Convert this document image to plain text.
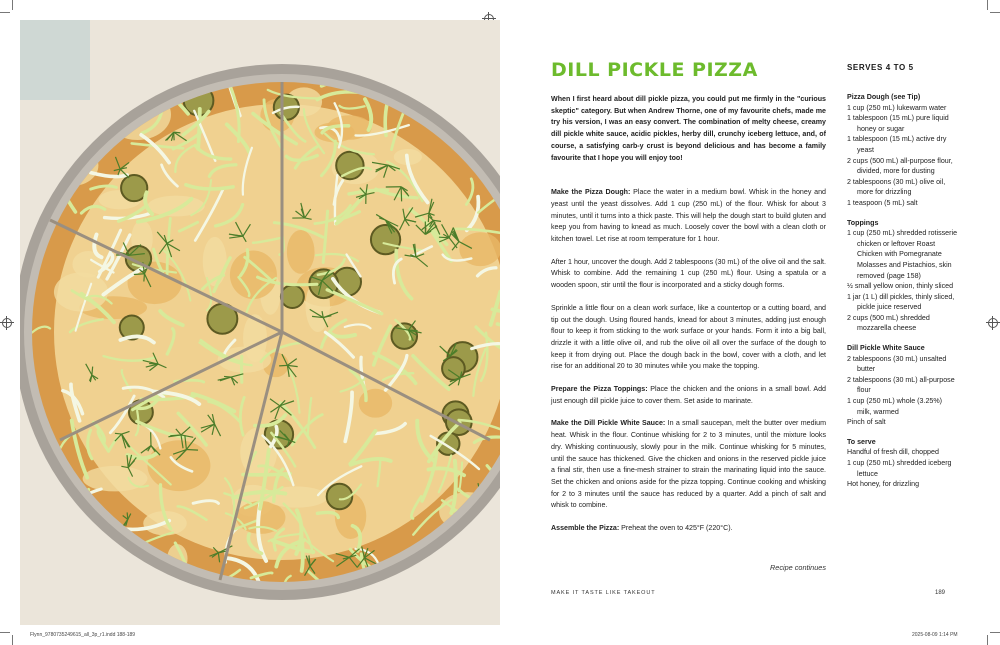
DILL PICKLE PIZZA

When I first heard about dill pickle pizza, you could put me firmly in the "curious skeptic" category. But when Andrew Thorne, one of my favourite chefs, made me try his version, I was an easy convert. The combination of melty cheese, creamy dill pickle white sauce, acidic pickles, herby dill, crunchy iceberg lettuce, and, of course, a satisfying carb-y crust is beyond delicious and has become a family favourite that I hope you will enjoy too!

Make the Pizza Dough: Place the water in a medium bowl. Whisk in the honey and yeast until the yeast dissolves. Add 1 cup (250 mL) of the flour. Whisk for about 3 minutes, until it turns into a thick paste. This will help the dough start to build gluten and keep you from having to knead as much. Loosely cover the bowl with a clean cloth or kitchen towel. Let rise at room temperature for 1 hour.

After 1 hour, uncover the dough. Add 2 tablespoons (30 mL) of the olive oil and the salt. Whisk to combine. Add the remaining 1 cup (250 mL) flour. Using a spatula or a wooden spoon, stir until the flour is incorporated and a sticky dough forms.

Sprinkle a little flour on a clean work surface, like a countertop or a cutting board, and tip out the dough. Using floured hands, knead for about 3 minutes, adding just enough flour to keep it from sticking to the work surface or your hands. Form it into a big ball, drizzle it with a little olive oil, and rub the olive oil all over the surface of the dough to keep it from drying out. Place the dough back in the bowl, cover with a cloth, and let rise for an additional 20 to 30 minutes while you make the topping.

Prepare the Pizza Toppings: Place the chicken and the onions in a small bowl. Add just enough dill pickle juice to cover them. Set aside to marinate.

Make the Dill Pickle White Sauce: In a small saucepan, melt the butter over medium heat. Whisk in the flour. Continue whisking for 2 to 3 minutes, until the mixture looks dry. Whisking continuously, slowly pour in the milk. Continue whisking for 5 minutes, until the sauce has thickened. Give the chicken and onions in the reserved pickle juice a final stir, then use a fine-mesh strainer to strain the marinating liquid into the sauce. Set the chicken and onions aside for the pizza topping. Continue cooking and whisking for 2 to 3 minutes until the sauce has reduced by a quarter. Add a pinch of salt and whisk to combine.

Assemble the Pizza: Preheat the oven to 425°F (220°C).

SERVES 4 TO 5
Pizza Dough (see Tip)
1 cup (250 mL) lukewarm water
1 tablespoon (15 mL) pure liquid honey or sugar
1 tablespoon (15 mL) active dry yeast
2 cups (500 mL) all-purpose flour, divided, more for dusting
2 tablespoons (30 mL) olive oil, more for drizzling
1 teaspoon (5 mL) salt
Toppings
1 cup (250 mL) shredded rotisserie chicken or leftover Roast Chicken with Pomegranate Molasses and Pistachios, skin removed (page 158)
½ small yellow onion, thinly sliced
1 jar (1 L) dill pickles, thinly sliced, pickle juice reserved
2 cups (500 mL) shredded mozzarella cheese
Dill Pickle White Sauce
2 tablespoons (30 mL) unsalted butter
2 tablespoons (30 mL) all-purpose flour
1 cup (250 mL) whole (3.25%) milk, warmed
Pinch of salt
To serve
Handful of fresh dill, chopped
1 cup (250 mL) shredded iceberg lettuce
Hot honey, for drizzling
Recipe continues
MAKE IT TASTE LIKE TAKEOUT	189
Flynn_9780735249615_all_3p_r1.indd 188-189	2025-08-09 1:14 PM
